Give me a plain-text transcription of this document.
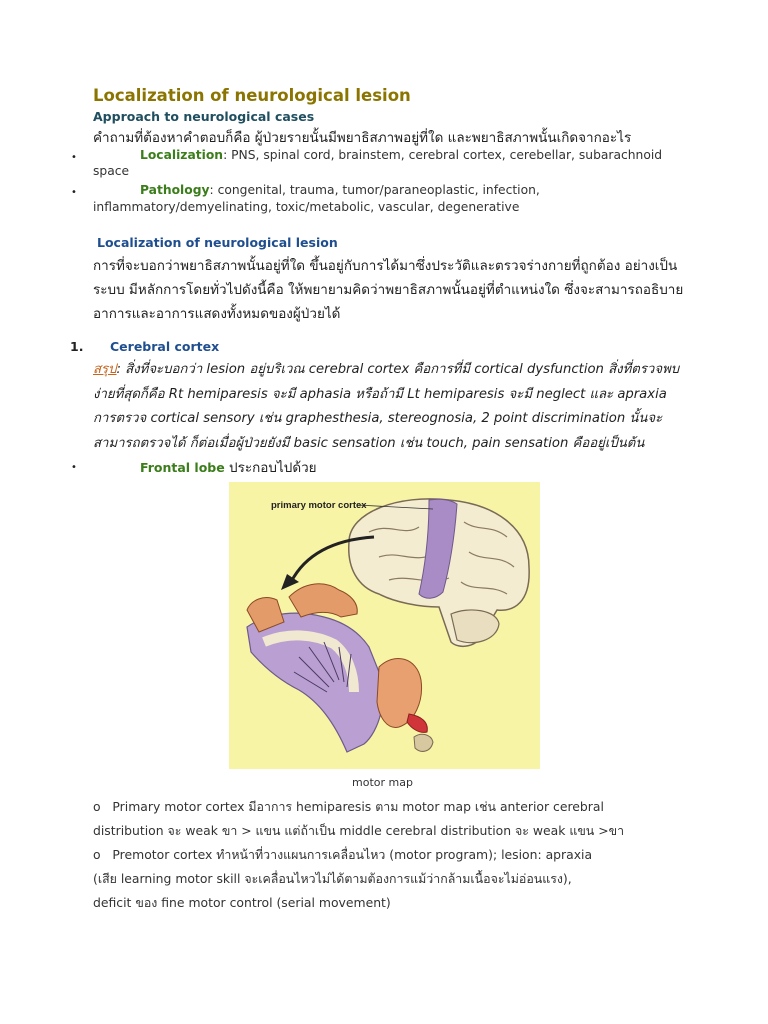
Localization of neurological lesion
Approach to neurological cases
คำถามที่ต้องหาคำตอบก็คือ ผู้ป่วยรายนั้นมีพยาธิสภาพอยู่ที่ใด และพยาธิสภาพนั้นเกิดจากอะไร
•	Localization: PNS, spinal cord, brainstem, cerebral cortex, cerebellar, subarachnoid
space
•	Pathology: congenital, trauma, tumor/paraneoplastic, infection,
inflammatory/demyelinating, toxic/metabolic, vascular, degenerative
Localization of neurological lesion
การที่จะบอกว่าพยาธิสภาพนั้นอยู่ที่ใด ขึ้นอยู่กับการได้มาซึ่งประวัติและตรวจร่างกายที่ถูกต้อง อย่างเป็น
ระบบ มีหลักการโดยทั่วไปดังนี้คือ ให้พยายามคิดว่าพยาธิสภาพนั้นอยู่ที่ตำแหน่งใด ซึ่งจะสามารถอธิบาย
อาการและอาการแสดงทั้งหมดของผู้ป่วยได้
1. Cerebral cortex
สรุป: สิ่งที่จะบอกว่า lesion อยู่บริเวณ cerebral cortex คือการที่มี cortical dysfunction สิ่งที่ตรวจพบ
ง่ายที่สุดก็คือ Rt hemiparesis จะมี aphasia หรือถ้ามี Lt hemiparesis จะมี neglect และ apraxia
การตรวจ cortical sensory เช่น graphesthesia, stereognosia, 2 point discrimination นั้นจะ
สามารถตรวจได้ ก็ต่อเมื่อผู้ป่วยยังมี basic sensation เช่น touch, pain sensation คืออยู่เป็นต้น
•	Frontal lobe ประกอบไปด้วย
primary motor cortex
motor map
o Primary motor cortex มีอาการ hemiparesis ตาม motor map เช่น anterior cerebral
distribution จะ weak ขา > แขน แต่ถ้าเป็น middle cerebral distribution จะ weak แขน >ขา
o Premotor cortex ทำหน้าที่วางแผนการเคลื่อนไหว (motor program); lesion: apraxia
(เสีย learning motor skill จะเคลื่อนไหวไม่ได้ตามต้องการแม้ว่ากล้ามเนื้อจะไม่อ่อนแรง),
deficit ของ fine motor control (serial movement)
